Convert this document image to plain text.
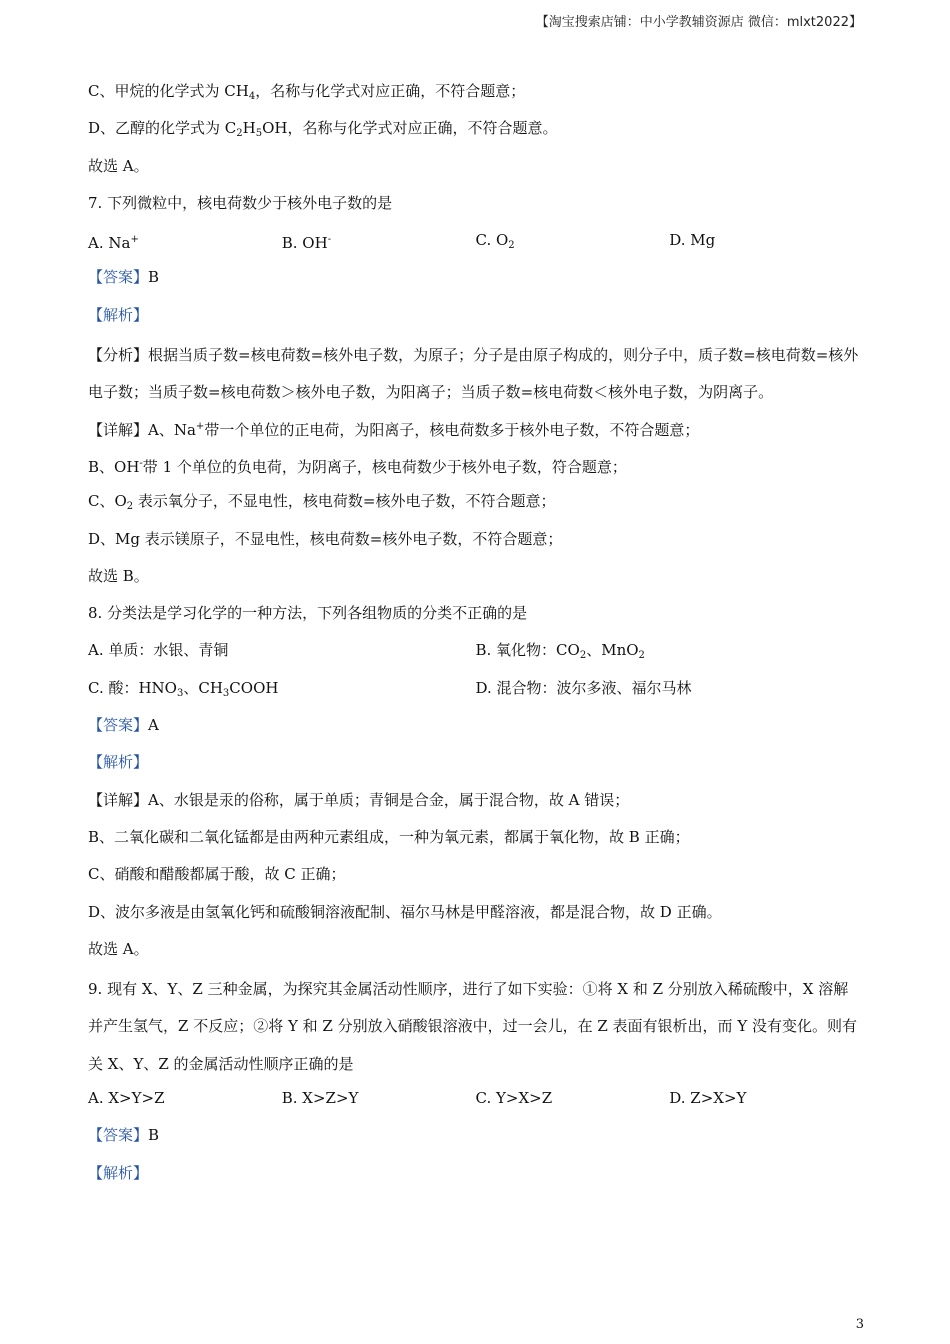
【淘宝搜索店铺：中小学教辅资源店 微信：mlxt2022】
C、甲烷的化学式为 $CH_4$，名称与化学式对应正确，不符合题意；
D、乙醇的化学式为 $C_2H_5OH$，名称与化学式对应正确，不符合题意。
故选 A。
7. 下列微粒中，核电荷数少于核外电子数的是
A. Na+	B. OH-	C. $O_2$	D. Mg
【答案】B
【解析】
【分析】根据当质子数=核电荷数=核外电子数，为原子；分子是由原子构成的，则分子中，质子数=核电荷数=核外电子数；当质子数=核电荷数＞核外电子数，为阳离子；当质子数=核电荷数＜核外电子数，为阴离子。
【详解】A、Na+带一个单位的正电荷，为阳离子，核电荷数多于核外电子数，不符合题意；
B、OH-带 1 个单位的负电荷，为阴离子，核电荷数少于核外电子数，符合题意；
C、$O_2$ 表示氧分子，不显电性，核电荷数=核外电子数，不符合题意；
D、Mg 表示镁原子，不显电性，核电荷数=核外电子数，不符合题意；
故选 B。
8. 分类法是学习化学的一种方法，下列各组物质的分类不正确的是
A. 单质：水银、青铜	B. 氧化物：$CO_2$、MnO$_2$
C. 酸：$HNO_3$、$CH_3COOH$	D. 混合物：波尔多液、福尔马林
【答案】A
【解析】
【详解】A、水银是汞的俗称，属于单质；青铜是合金，属于混合物，故 A 错误；
B、二氧化碳和二氧化锰都是由两种元素组成，一种为氧元素，都属于氧化物，故 B 正确；
C、硝酸和醋酸都属于酸，故 C 正确；
D、波尔多液是由氢氧化钙和硫酸铜溶液配制、福尔马林是甲醛溶液，都是混合物，故 D 正确。
故选 A。
9. 现有 X、Y、Z 三种金属，为探究其金属活动性顺序，进行了如下实验：①将 X 和 Z 分别放入稀硫酸中，X 溶解并产生氢气，Z 不反应；②将 Y 和 Z 分别放入硝酸银溶液中，过一会儿，在 Z 表面有银析出，而 Y 没有变化。则有关 X、Y、Z 的金属活动性顺序正确的是
A. X>Y>Z	B. X>Z>Y	C. Y>X>Z	D. Z>X>Y
【答案】B
【解析】
3
